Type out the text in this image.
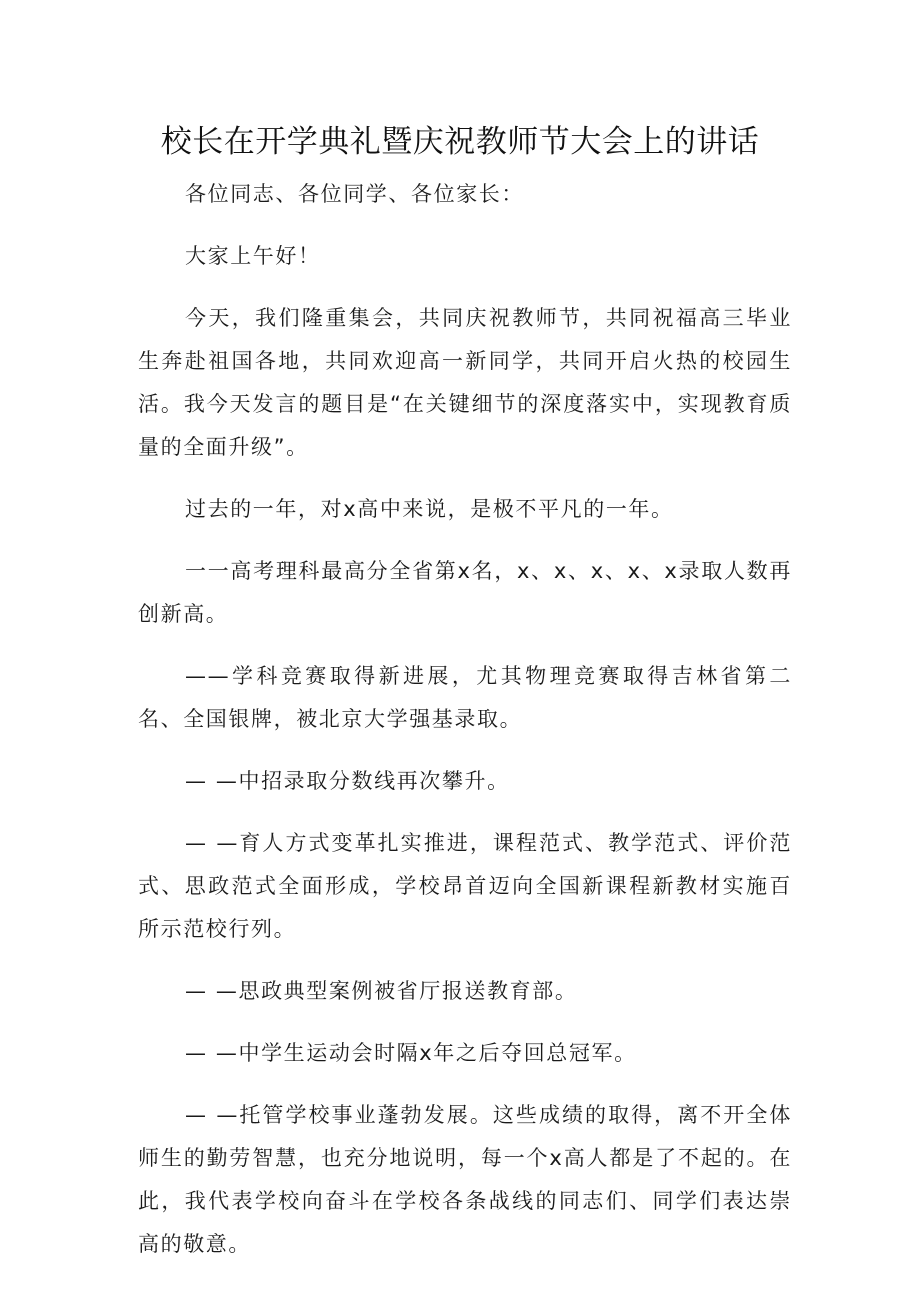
校长在开学典礼暨庆祝教师节大会上的讲话

各位同志、各位同学、各位家长：

大家上午好！

今天，我们隆重集会，共同庆祝教师节，共同祝福高三毕业生奔赴祖国各地，共同欢迎高一新同学，共同开启火热的校园生活。我今天发言的题目是“在关键细节的深度落实中，实现教育质量的全面升级”。

过去的一年，对x高中来说，是极不平凡的一年。

一一高考理科最高分全省第x名，x、x、x、x、x录取人数再创新高。

——学科竞赛取得新进展，尤其物理竞赛取得吉林省第二名、全国银牌，被北京大学强基录取。

— —中招录取分数线再次攀升。

— —育人方式变革扎实推进，课程范式、教学范式、评价范式、思政范式全面形成，学校昂首迈向全国新课程新教材实施百所示范校行列。

— —思政典型案例被省厅报送教育部。

— —中学生运动会时隔x年之后夺回总冠军。

— —托管学校事业蓬勃发展。这些成绩的取得，离不开全体师生的勤劳智慧，也充分地说明，每一个x高人都是了不起的。在此，我代表学校向奋斗在学校各条战线的同志们、同学们表达崇高的敬意。
